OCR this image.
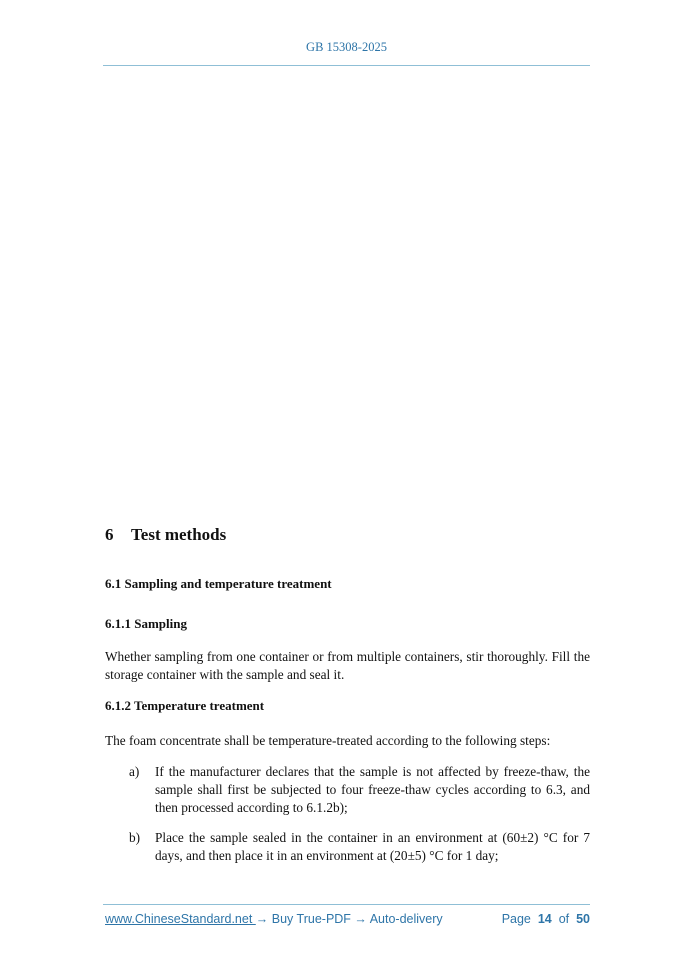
GB 15308-2025
6 Test methods
6.1 Sampling and temperature treatment
6.1.1 Sampling
Whether sampling from one container or from multiple containers, stir thoroughly. Fill the storage container with the sample and seal it.
6.1.2 Temperature treatment
The foam concentrate shall be temperature-treated according to the following steps:
a) If the manufacturer declares that the sample is not affected by freeze-thaw, the sample shall first be subjected to four freeze-thaw cycles according to 6.3, and then processed according to 6.1.2b);
b) Place the sample sealed in the container in an environment at (60±2) °C for 7 days, and then place it in an environment at (20±5) °C for 1 day;
www.ChineseStandard.net → Buy True-PDF → Auto-delivery	Page 14 of 50
